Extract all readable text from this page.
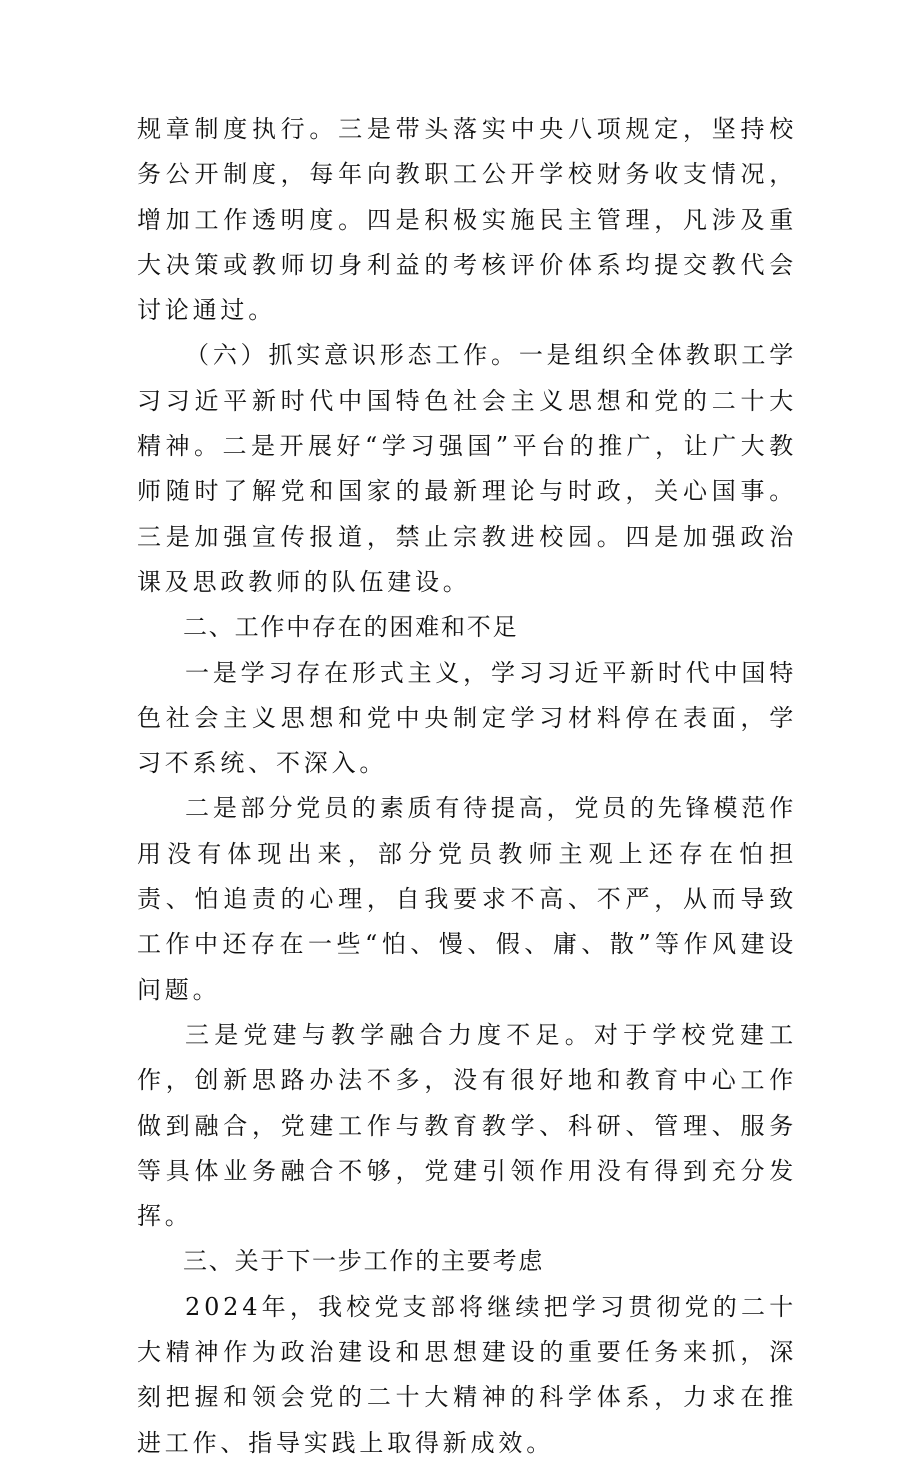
规章制度执行。三是带头落实中央八项规定，坚持校务公开制度，每年向教职工公开学校财务收支情况，增加工作透明度。四是积极实施民主管理，凡涉及重大决策或教师切身利益的考核评价体系均提交教代会讨论通过。

（六）抓实意识形态工作。一是组织全体教职工学习习近平新时代中国特色社会主义思想和党的二十大精神。二是开展好“学习强国”平台的推广，让广大教师随时了解党和国家的最新理论与时政，关心国事。三是加强宣传报道，禁止宗教进校园。四是加强政治课及思政教师的队伍建设。

二、工作中存在的困难和不足

一是学习存在形式主义，学习习近平新时代中国特色社会主义思想和党中央制定学习材料停在表面，学习不系统、不深入。

二是部分党员的素质有待提高，党员的先锋模范作用没有体现出来，部分党员教师主观上还存在怕担责、怕追责的心理，自我要求不高、不严，从而导致工作中还存在一些“怕、慢、假、庸、散”等作风建设问题。

三是党建与教学融合力度不足。对于学校党建工作，创新思路办法不多，没有很好地和教育中心工作做到融合，党建工作与教育教学、科研、管理、服务等具体业务融合不够，党建引领作用没有得到充分发挥。

三、关于下一步工作的主要考虑

2024年，我校党支部将继续把学习贯彻党的二十大精神作为政治建设和思想建设的重要任务来抓，深刻把握和领会党的二十大精神的科学体系，力求在推进工作、指导实践上取得新成效。
